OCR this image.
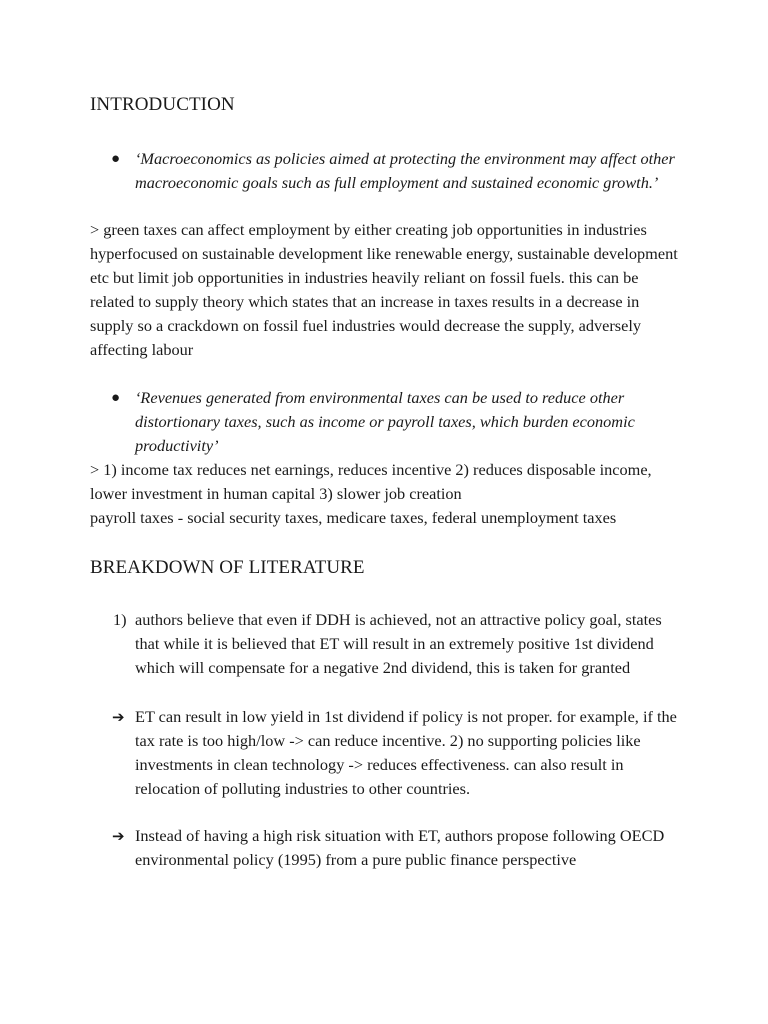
INTRODUCTION
● ‘Macroeconomics as policies aimed at protecting the environment may affect other macroeconomic goals such as full employment and sustained economic growth.’

> green taxes can affect employment by either creating job opportunities in industries hyperfocused on sustainable development like renewable energy, sustainable development etc but limit job opportunities in industries heavily reliant on fossil fuels. this can be related to supply theory which states that an increase in taxes results in a decrease in supply so a crackdown on fossil fuel industries would decrease the supply, adversely affecting labour

● ‘Revenues generated from environmental taxes can be used to reduce other distortionary taxes, such as income or payroll taxes, which burden economic productivity’

> 1) income tax reduces net earnings, reduces incentive 2) reduces disposable income, lower investment in human capital 3) slower job creation

payroll taxes - social security taxes, medicare taxes, federal unemployment taxes

BREAKDOWN OF LITERATURE
1) authors believe that even if DDH is achieved, not an attractive policy goal, states that while it is believed that ET will result in an extremely positive 1st dividend which will compensate for a negative 2nd dividend, this is taken for granted

➔ ET can result in low yield in 1st dividend if policy is not proper. for example, if the tax rate is too high/low -> can reduce incentive. 2) no supporting policies like investments in clean technology -> reduces effectiveness. can also result in relocation of polluting industries to other countries.

➔ Instead of having a high risk situation with ET, authors propose following OECD environmental policy (1995) from a pure public finance perspective
